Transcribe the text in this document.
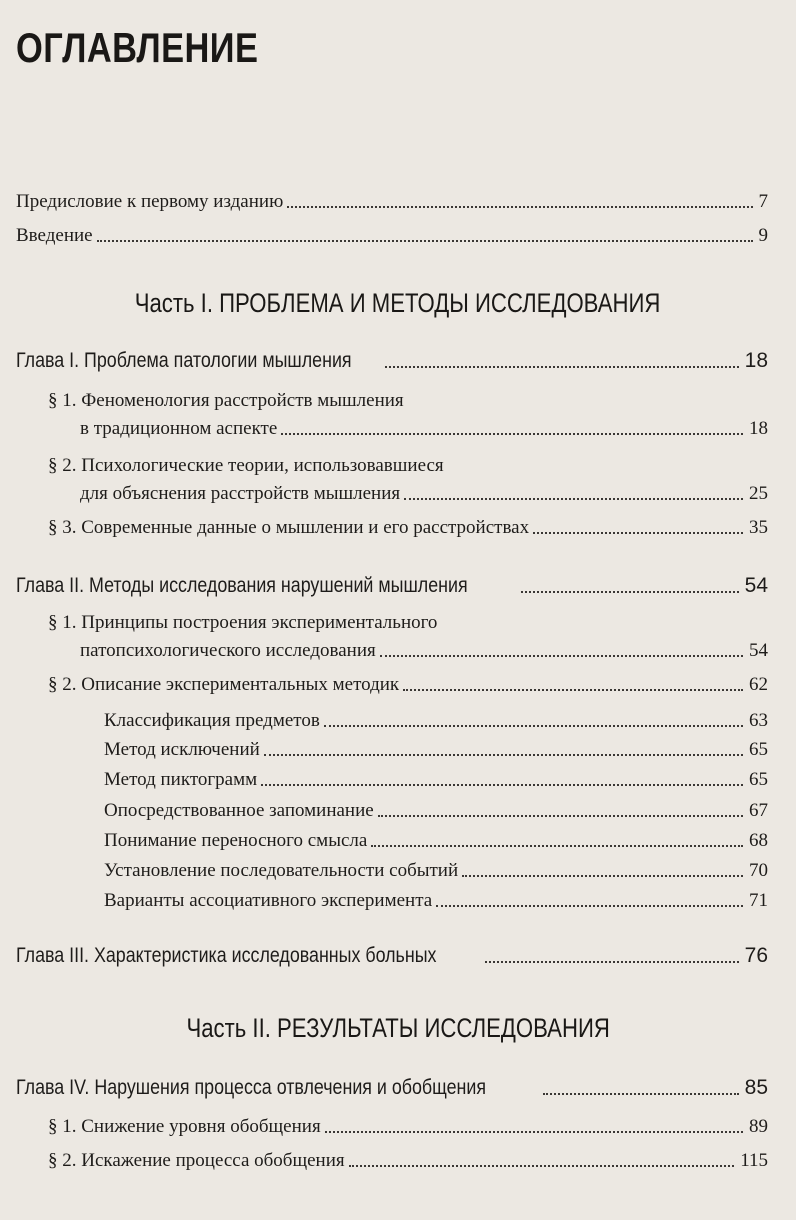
ОГЛАВЛЕНИЕ
Предисловие к первому изданию	7
Введение	9
Часть I. ПРОБЛЕМА И МЕТОДЫ ИССЛЕДОВАНИЯ
Глава I. Проблема патологии мышления	18
§ 1. Феноменология расстройств мышления
в традиционном аспекте	18
§ 2. Психологические теории, использовавшиеся
для объяснения расстройств мышления	25
§ 3. Современные данные о мышлении и его расстройствах	35
Глава II. Методы исследования нарушений мышления	54
§ 1. Принципы построения экспериментального
патопсихологического исследования	54
§ 2. Описание экспериментальных методик	62
Классификация предметов	63
Метод исключений	65
Метод пиктограмм	65
Опосредствованное запоминание	67
Понимание переносного смысла	68
Установление последовательности событий	70
Варианты ассоциативного эксперимента	71
Глава III. Характеристика исследованных больных	76
Часть II. РЕЗУЛЬТАТЫ ИССЛЕДОВАНИЯ
Глава IV. Нарушения процесса отвлечения и обобщения	85
§ 1. Снижение уровня обобщения	89
§ 2. Искажение процесса обобщения	115
